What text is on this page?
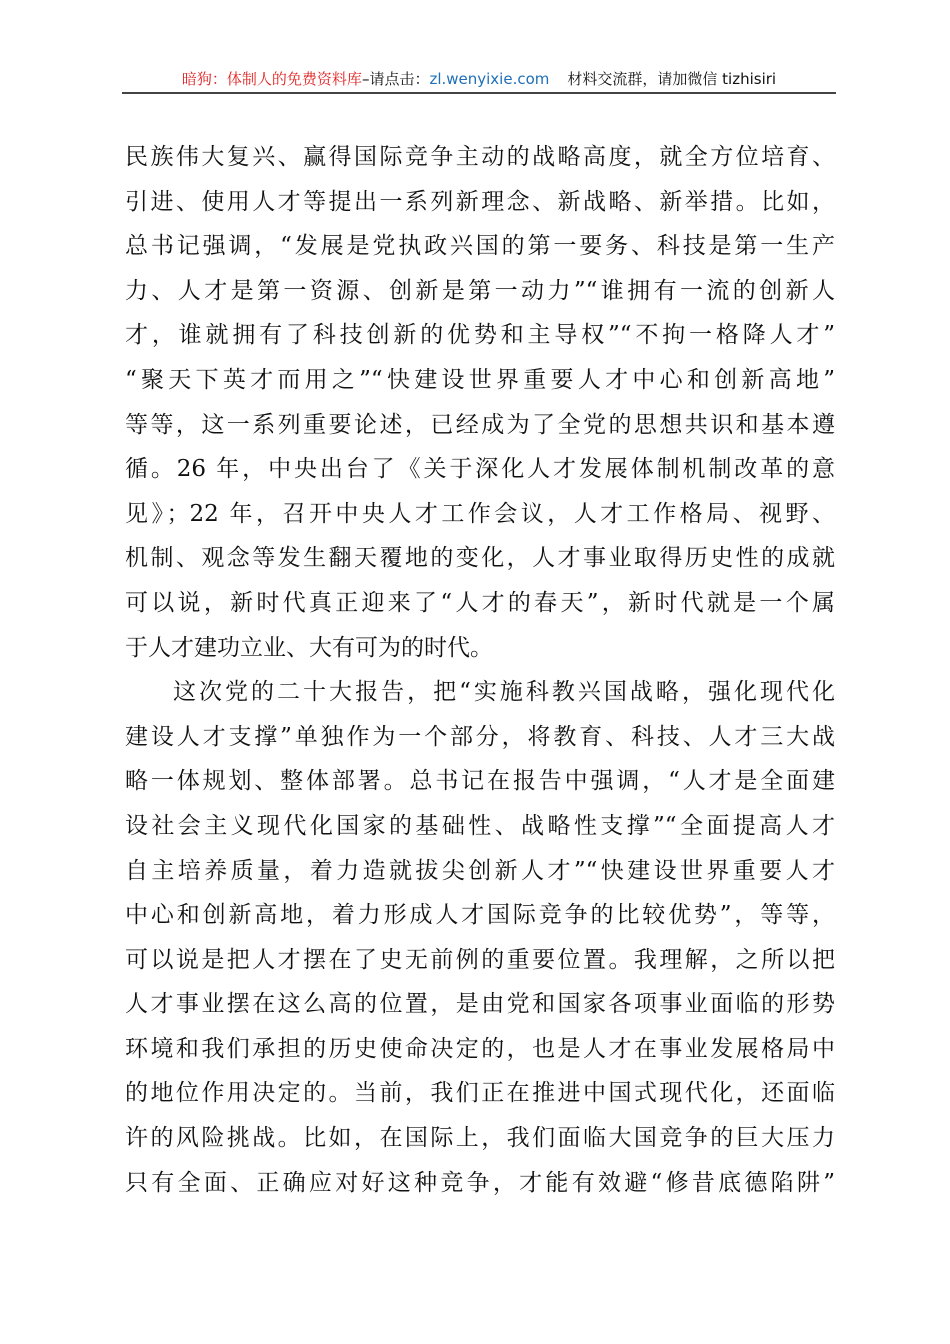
暗狗：体制人的免费资料库–请点击：zl.wenyixie.com 材料交流群，请加微信 tizhisiri
民族伟大复兴、赢得国际竞争主动的战略高度，就全方位培育、
引进、使用人才等提出一系列新理念、新战略、新举措。比如，
总书记强调，“发展是党执政兴国的第一要务、科技是第一生产
力、人才是第一资源、创新是第一动力”“谁拥有一流的创新人
才，谁就拥有了科技创新的优势和主导权”“不拘一格降人才”
“聚天下英才而用之”“快建设世界重要人才中心和创新高地”
等等，这一系列重要论述，已经成为了全党的思想共识和基本遵
循。26 年，中央出台了《关于深化人才发展体制机制改革的意
见》；22 年，召开中央人才工作会议，人才工作格局、视野、
机制、观念等发生翻天覆地的变化，人才事业取得历史性的成就
可以说，新时代真正迎来了“人才的春天”，新时代就是一个属
于人才建功立业、大有可为的时代。
这次党的二十大报告，把“实施科教兴国战略，强化现代化
建设人才支撑”单独作为一个部分，将教育、科技、人才三大战
略一体规划、整体部署。总书记在报告中强调，“人才是全面建
设社会主义现代化国家的基础性、战略性支撑”“全面提高人才
自主培养质量，着力造就拔尖创新人才”“快建设世界重要人才
中心和创新高地，着力形成人才国际竞争的比较优势”，等等，
可以说是把人才摆在了史无前例的重要位置。我理解，之所以把
人才事业摆在这么高的位置，是由党和国家各项事业面临的形势
环境和我们承担的历史使命决定的，也是人才在事业发展格局中
的地位作用决定的。当前，我们正在推进中国式现代化，还面临
许的风险挑战。比如，在国际上，我们面临大国竞争的巨大压力
只有全面、正确应对好这种竞争，才能有效避“修昔底德陷阱”
